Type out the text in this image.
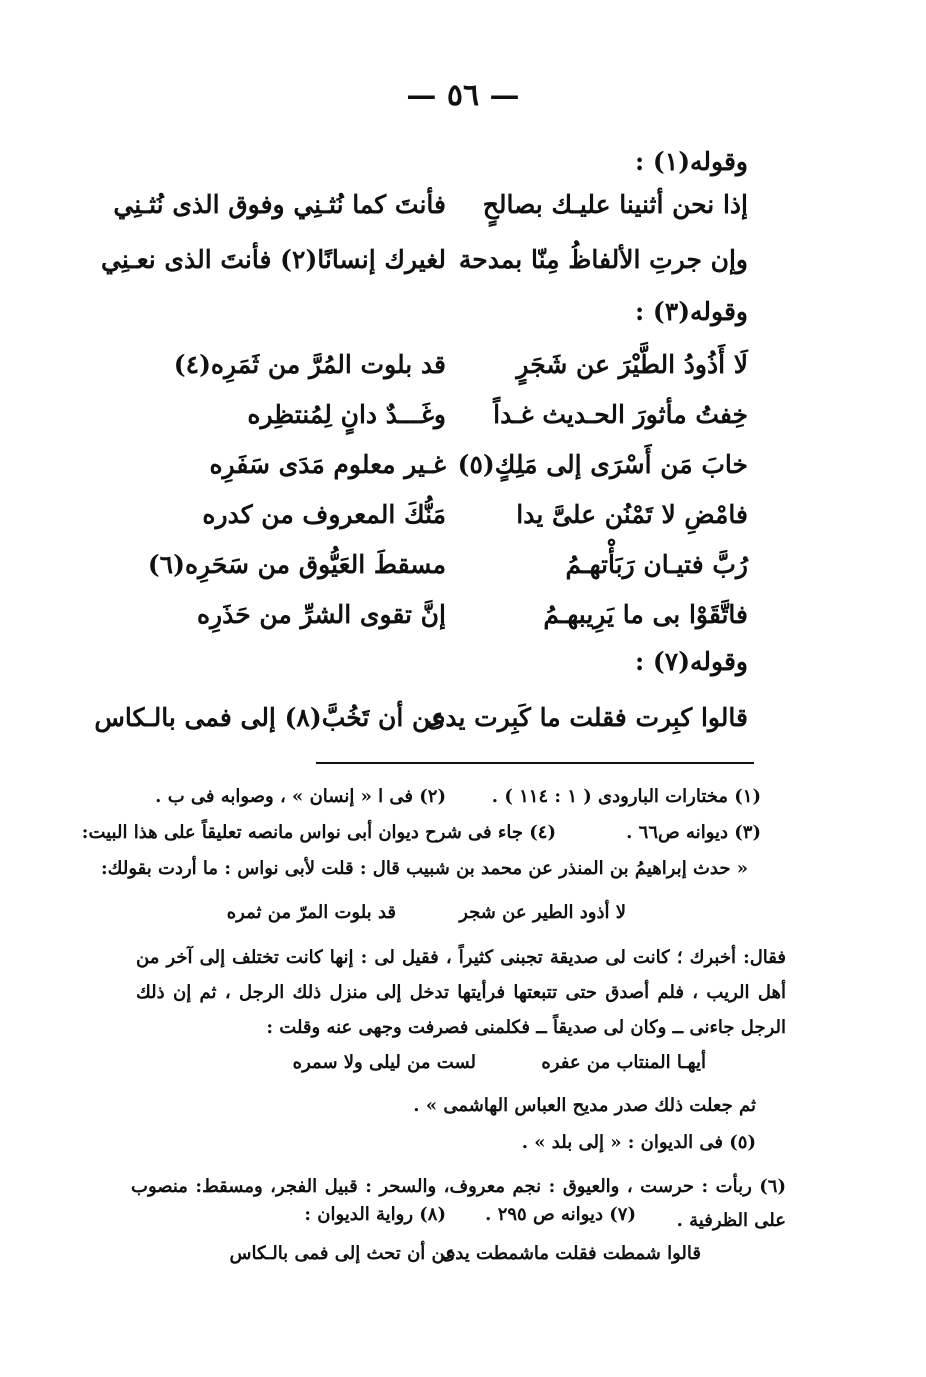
— ٥٦ —
وقوله(١) :
إذا نحن أثنينا عليـك بصالحٍ
فأنتَ كما نُثـنِي وفوق الذى نُثـنِي
وإن جرتِ الألفاظُ مِنّا بمدحة
لغيرك إنسانًا(٢) فأنتَ الذى نعـنِي
وقوله(٣) :
لَا أَذُودُ الطَّيْرَ عن شَجَرٍ
قد بلوت المُرَّ من ثَمَرِه(٤)
خِفتُ مأثورَ الحـديث غـداً
وغَـــدٌ دانٍ لِمُنتظِره
خابَ مَن أَسْرَى إلى مَلِكٍ(٥)
غـير معلوم مَدَى سَفَرِه
فامْضِ لا تَمْنُن علىَّ يدا
مَنُّكَ المعروف من كدره
رُبَّ فتيـان رَبَأْتهـمُ
مسقطَ العَيُّوق من سَحَرِه(٦)
فاتَّقَوْا بى ما يَرِيبهـمُ
إنَّ تقوى الشرِّ من حَذَرِه
وقوله(٧) :
قالوا كبِرت فقلت ما كَبِرت يدى
عن أن تَخُبَّ(٨) إلى فمى بالـكاس
(١) مختارات البارودى ( ١ : ١١٤ ) .
(٢) فى ا « إنسان » ، وصوابه فى ب .
(٣) ديوانه ص٦٦ .
(٤) جاء فى شرح ديوان أبى نواس مانصه تعليقاً على هذا البيت:
« حدث إبراهيمُ بن المنذر عن محمد بن شبيب قال : قلت لأبى نواس : ما أردت بقولك:
لا أذود الطير عن شجر
قد بلوت المرّ من ثمره
فقال: أخبرك ؛ كانت لى صديقة تجبنى كثيراً ، فقيل لى : إنها كانت تختلف إلى آخر من أهل الريب ، فلم أصدق حتى تتبعتها فرأيتها تدخل إلى منزل ذلك الرجل ، ثم إن ذلك الرجل جاءنى ــ وكان لى صديقاً ــ فكلمنى فصرفت وجهى عنه وقلت :
أيهـا المنتاب من عفره
لست من ليلى ولا سمره
ثم جعلت ذلك صدر مديح العباس الهاشمى » .
(٥) فى الديوان : « إلى بلد » .
(٦) ربأت : حرست ، والعيوق : نجم معروف، والسحر : قبيل الفجر، ومسقط: منصوب على الظرفية .
(٧) ديوانه ص ٢٩٥ .
(٨) رواية الديوان :
قالوا شمطت فقلت ماشمطت يدى
عن أن تحث إلى فمى بالـكاس
